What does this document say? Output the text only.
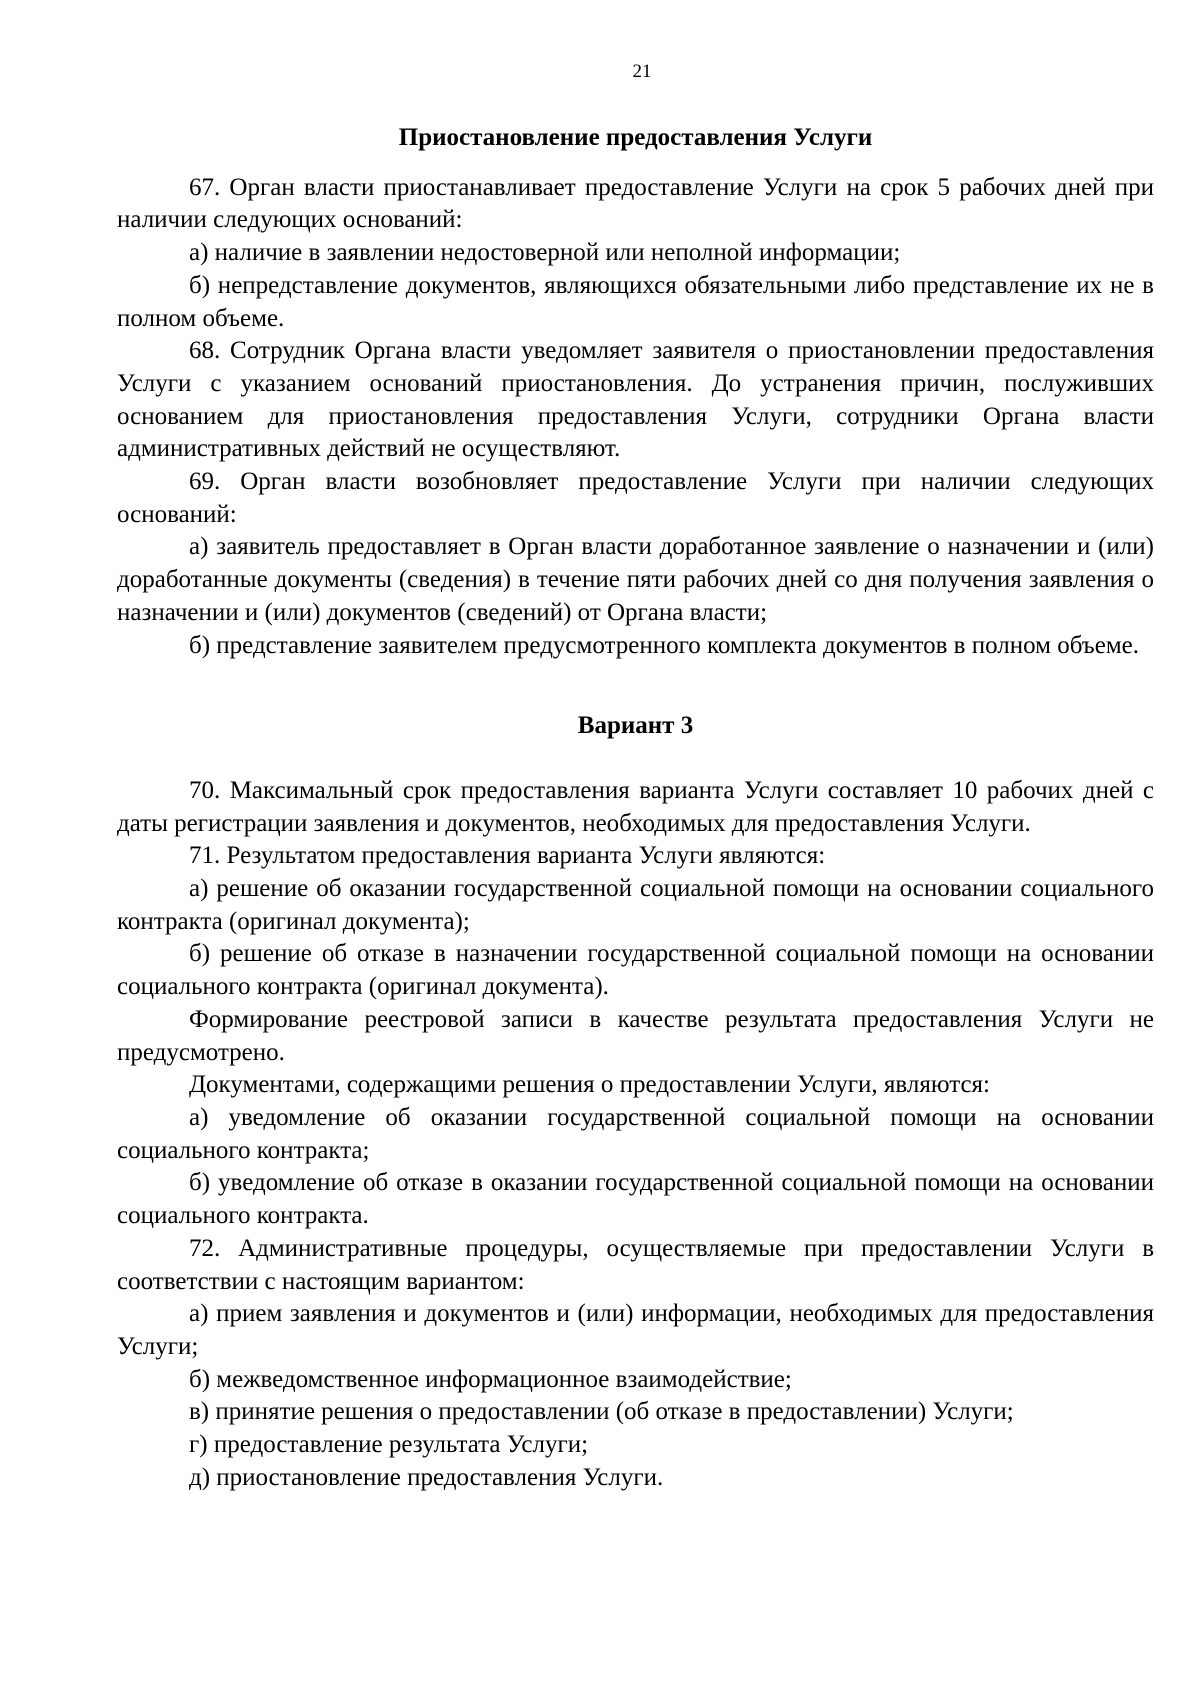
21
Приостановление предоставления Услуги

67. Орган власти приостанавливает предоставление Услуги на срок 5 рабочих дней при наличии следующих оснований:

а) наличие в заявлении недостоверной или неполной информации;

б) непредставление документов, являющихся обязательными либо представление их не в полном объеме.

68. Сотрудник Органа власти уведомляет заявителя о приостановлении предоставления Услуги с указанием оснований приостановления. До устранения причин, послуживших основанием для приостановления предоставления Услуги, сотрудники Органа власти административных действий не осуществляют.

69. Орган власти возобновляет предоставление Услуги при наличии следующих оснований:

а) заявитель предоставляет в Орган власти доработанное заявление о назначении и (или) доработанные документы (сведения) в течение пяти рабочих дней со дня получения заявления о назначении и (или) документов (сведений) от Органа власти;

б) представление заявителем предусмотренного комплекта документов в полном объеме.

Вариант 3

70. Максимальный срок предоставления варианта Услуги составляет 10 рабочих дней с даты регистрации заявления и документов, необходимых для предоставления Услуги.

71. Результатом предоставления варианта Услуги являются:

а) решение об оказании государственной социальной помощи на основании социального контракта (оригинал документа);

б) решение об отказе в назначении государственной социальной помощи на основании социального контракта (оригинал документа).

Формирование реестровой записи в качестве результата предоставления Услуги не предусмотрено.

Документами, содержащими решения о предоставлении Услуги, являются:

а) уведомление об оказании государственной социальной помощи на основании социального контракта;

б) уведомление об отказе в оказании государственной социальной помощи на основании социального контракта.

72. Административные процедуры, осуществляемые при предоставлении Услуги в соответствии с настоящим вариантом:

а) прием заявления и документов и (или) информации, необходимых для предоставления Услуги;

б) межведомственное информационное взаимодействие;

в) принятие решения о предоставлении (об отказе в предоставлении) Услуги;

г) предоставление результата Услуги;

д) приостановление предоставления Услуги.
